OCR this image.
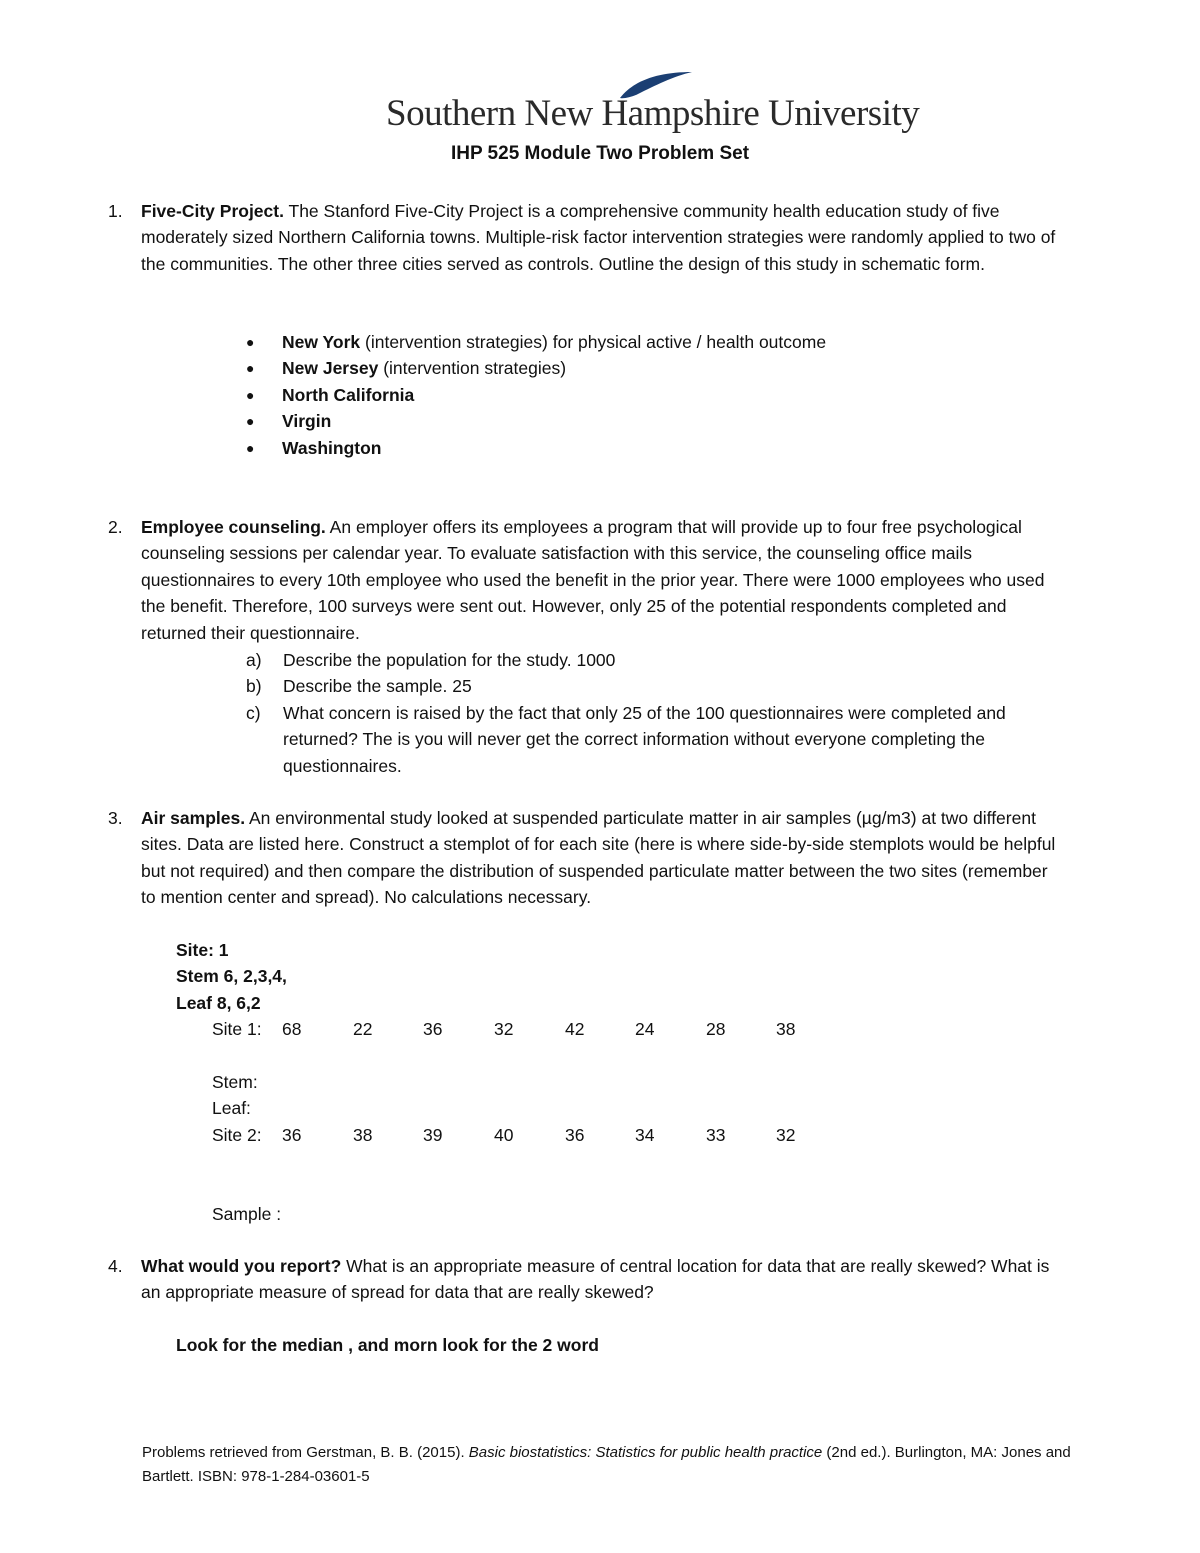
Southern New Hampshire University
IHP 525 Module Two Problem Set
1. Five-City Project. The Stanford Five-City Project is a comprehensive community health education study of five moderately sized Northern California towns. Multiple-risk factor intervention strategies were randomly applied to two of the communities. The other three cities served as controls. Outline the design of this study in schematic form.
● New York (intervention strategies) for physical active / health outcome
● New Jersey (intervention strategies)
● North California
● Virgin
● Washington
2. Employee counseling. An employer offers its employees a program that will provide up to four free psychological counseling sessions per calendar year. To evaluate satisfaction with this service, the counseling office mails questionnaires to every 10th employee who used the benefit in the prior year. There were 1000 employees who used the benefit. Therefore, 100 surveys were sent out. However, only 25 of the potential respondents completed and returned their questionnaire.
a) Describe the population for the study. 1000
b) Describe the sample. 25
c) What concern is raised by the fact that only 25 of the 100 questionnaires were completed and returned? The is you will never get the correct information without everyone completing the questionnaires.
3. Air samples. An environmental study looked at suspended particulate matter in air samples (µg/m3) at two different sites. Data are listed here. Construct a stemplot of for each site (here is where side-by-side stemplots would be helpful but not required) and then compare the distribution of suspended particulate matter between the two sites (remember to mention center and spread). No calculations necessary.
Site: 1
Stem 6, 2,3,4,
Leaf 8, 6,2
Site 1: 68	22	36	32	42	24	28	38
Stem:
Leaf:
Site 2: 36	38	39	40	36	34	33	32
Sample :
4. What would you report? What is an appropriate measure of central location for data that are really skewed? What is an appropriate measure of spread for data that are really skewed?
Look for the median , and morn look for the 2 word
Problems retrieved from Gerstman, B. B. (2015). Basic biostatistics: Statistics for public health practice (2nd ed.). Burlington, MA: Jones and Bartlett. ISBN: 978-1-284-03601-5
